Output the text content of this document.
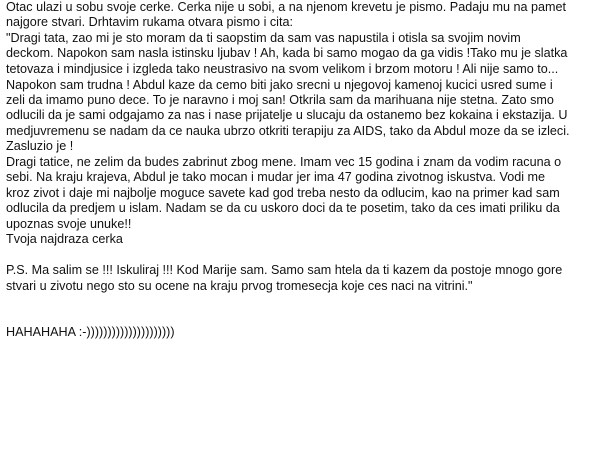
Otac ulazi u sobu svoje cerke. Cerka nije u sobi, a na njenom krevetu je pismo. Padaju mu na pamet
najgore stvari. Drhtavim rukama otvara pismo i cita:
"Dragi tata, zao mi je sto moram da ti saopstim da sam vas napustila i otisla sa svojim novim
deckom. Napokon sam nasla istinsku ljubav ! Ah, kada bi samo mogao da ga vidis !Tako mu je slatka
tetovaza i mindjusice i izgleda tako neustrasivo na svom velikom i brzom motoru ! Ali nije samo to...
Napokon sam trudna ! Abdul kaze da cemo biti jako srecni u njegovoj kamenoj kucici usred sume i
zeli da imamo puno dece. To je naravno i moj san! Otkrila sam da marihuana nije stetna. Zato smo
odlucili da je sami odgajamo za nas i nase prijatelje u slucaju da ostanemo bez kokaina i ekstazija. U
medjuvremenu se nadam da ce nauka ubrzo otkriti terapiju za AIDS, tako da Abdul moze da se izleci.
Zasluzio je !
Dragi tatice, ne zelim da budes zabrinut zbog mene. Imam vec 15 godina i znam da vodim racuna o
sebi. Na kraju krajeva, Abdul je tako mocan i mudar jer ima 47 godina zivotnog iskustva. Vodi me
kroz zivot i daje mi najbolje moguce savete kad god treba nesto da odlucim, kao na primer kad sam
odlucila da predjem u islam. Nadam se da cu uskoro doci da te posetim, tako da ces imati priliku da
upoznas svoje unuke!!
Tvoja najdraza cerka
P.S. Ma salim se !!! Iskuliraj !!! Kod Marije sam. Samo sam htela da ti kazem da postoje mnogo gore
stvari u zivotu nego sto su ocene na kraju prvog tromesecja koje ces naci na vitrini."
HAHAHAHA :-)))))))))))))))))))))
